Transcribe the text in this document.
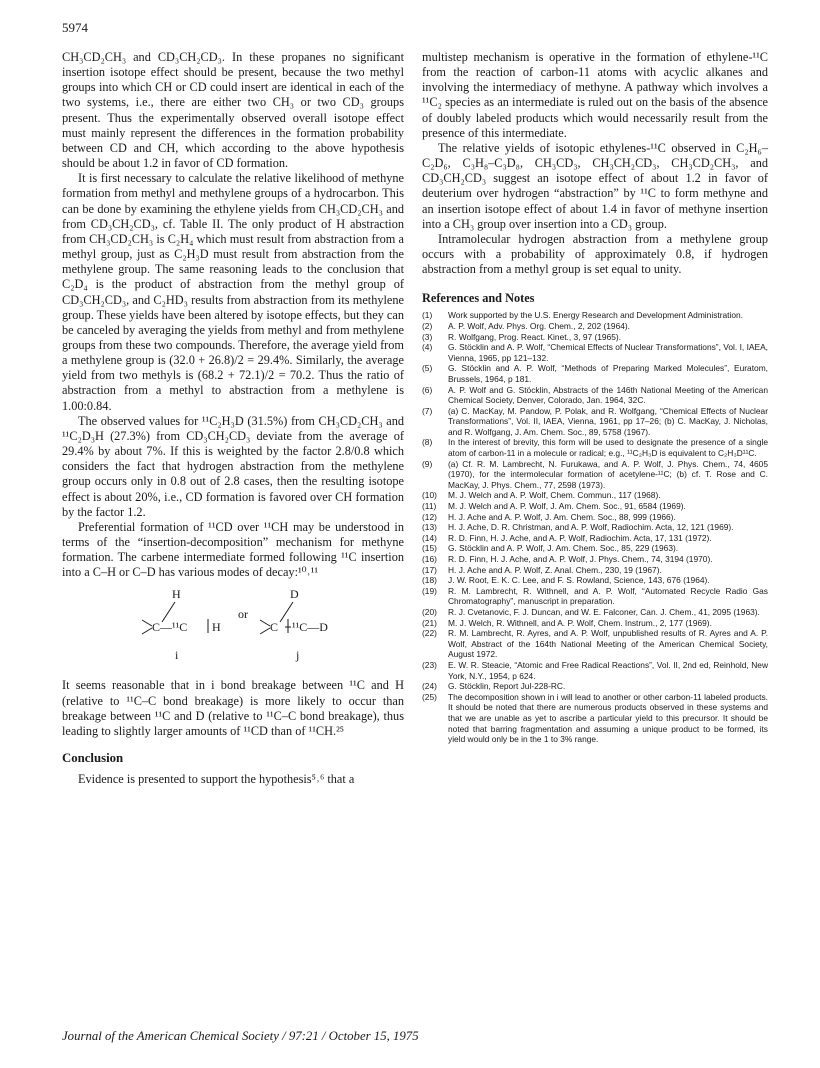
5974

CH₃CD₂CH₃ and CD₃CH₂CD₃. In these propanes no significant insertion isotope effect should be present, because the two methyl groups into which CH or CD could insert are identical in each of the two systems, i.e., there are either two CH₃ or two CD₃ groups present. Thus the experimentally observed overall isotope effect must mainly represent the differences in the formation probability between CD and CH, which according to the above hypothesis should be about 1.2 in favor of CD formation.

It is first necessary to calculate the relative likelihood of methyne formation from methyl and methylene groups of a hydrocarbon. This can be done by examining the ethylene yields from CH₃CD₂CH₃ and from CD₃CH₂CD₃, cf. Table II. The only product of H abstraction from CH₃CD₂CH₃ is C₂H₄ which must result from abstraction from a methyl group, just as C₂H₃D must result from abstraction from the methylene group. The same reasoning leads to the conclusion that C₂D₄ is the product of abstraction from the methyl group of CD₃CH₂CD₃, and C₂HD₃ results from abstraction from its methylene group. These yields have been altered by isotope effects, but they can be canceled by averaging the yields from methyl and from methylene groups from these two compounds. Therefore, the average yield from a methylene group is (32.0 + 26.8)/2 = 29.4%. Similarly, the average yield from two methyls is (68.2 + 72.1)/2 = 70.2. Thus the ratio of abstraction from a methyl to abstraction from a methylene is 1.00:0.84.

The observed values for ¹¹C₂H₃D (31.5%) from CH₃CD₂CH₃ and ¹¹C₂D₃H (27.3%) from CD₃CH₂CD₃ deviate from the average of 29.4% by about 7%. If this is weighted by the factor 2.8/0.8 which considers the fact that hydrogen abstraction from the methylene group occurs only in 0.8 out of 2.8 cases, then the resulting isotope effect is about 20%, i.e., CD formation is favored over CH formation by the factor 1.2.

Preferential formation of ¹¹CD over ¹¹CH may be understood in terms of the “insertion-decomposition” mechanism for methyne formation. The carbene intermediate formed following ¹¹C insertion into a C–H or C–D has various modes of decay:¹⁰˒¹¹

H
C—¹¹C H
i
or
D
C ¹¹C—D
j

It seems reasonable that in i bond breakage between ¹¹C and H (relative to ¹¹C–C bond breakage) is more likely to occur than breakage between ¹¹C and D (relative to ¹¹C–C bond breakage), thus leading to slightly larger amounts of ¹¹CD than of ¹¹CH.²⁵

Conclusion

Evidence is presented to support the hypothesis⁵˒⁶ that a

multistep mechanism is operative in the formation of ethylene-¹¹C from the reaction of carbon-11 atoms with acyclic alkanes and involving the intermediacy of methyne. A pathway which involves a ¹¹C₂ species as an intermediate is ruled out on the basis of the absence of doubly labeled products which would necessarily result from the presence of this intermediate.

The relative yields of isotopic ethylenes-¹¹C observed in C₂H₆–C₂D₆, C₃H₈–C₃D₈, CH₃CD₃, CH₃CH₂CD₃, CH₃CD₂CH₃, and CD₃CH₂CD₃ suggest an isotope effect of about 1.2 in favor of deuterium over hydrogen “abstraction” by ¹¹C to form methyne and an insertion isotope effect of about 1.4 in favor of methyne insertion into a CH₃ group over insertion into a CD₃ group.

Intramolecular hydrogen abstraction from a methylene group occurs with a probability of approximately 0.8, if hydrogen abstraction from a methyl group is set equal to unity.

References and Notes
(1) Work supported by the U.S. Energy Research and Development Administration.
(2) A. P. Wolf, Adv. Phys. Org. Chem., 2, 202 (1964).
(3) R. Wolfgang, Prog. React. Kinet., 3, 97 (1965).
(4) G. Stöcklin and A. P. Wolf, “Chemical Effects of Nuclear Transformations”, Vol. I, IAEA, Vienna, 1965, pp 121–132.
(5) G. Stöcklin and A. P. Wolf, “Methods of Preparing Marked Molecules”, Euratom, Brussels, 1964, p 181.
(6) A. P. Wolf and G. Stöcklin, Abstracts of the 146th National Meeting of the American Chemical Society, Denver, Colorado, Jan. 1964, 32C.
(7) (a) C. MacKay, M. Pandow, P. Polak, and R. Wolfgang, “Chemical Effects of Nuclear Transformations”, Vol. II, IAEA, Vienna, 1961, pp 17–26; (b) C. MacKay, J. Nicholas, and R. Wolfgang, J. Am. Chem. Soc., 89, 5758 (1967).
(8) In the interest of brevity, this form will be used to designate the presence of a single atom of carbon-11 in a molecule or radical; e.g., ¹¹C₂H₃D is equivalent to C₂H₃D¹¹C.
(9) (a) Cf. R. M. Lambrecht, N. Furukawa, and A. P. Wolf, J. Phys. Chem., 74, 4605 (1970), for the intermolecular formation of acetylene-¹¹C; (b) cf. T. Rose and C. MacKay, J. Phys. Chem., 77, 2598 (1973).
(10) M. J. Welch and A. P. Wolf, Chem. Commun., 117 (1968).
(11) M. J. Welch and A. P. Wolf, J. Am. Chem. Soc., 91, 6584 (1969).
(12) H. J. Ache and A. P. Wolf, J. Am. Chem. Soc., 88, 999 (1966).
(13) H. J. Ache, D. R. Christman, and A. P. Wolf, Radiochim. Acta, 12, 121 (1969).
(14) R. D. Finn, H. J. Ache, and A. P. Wolf, Radiochim. Acta, 17, 131 (1972).
(15) G. Stöcklin and A. P. Wolf, J. Am. Chem. Soc., 85, 229 (1963).
(16) R. D. Finn, H. J. Ache, and A. P. Wolf, J. Phys. Chem., 74, 3194 (1970).
(17) H. J. Ache and A. P. Wolf, Z. Anal. Chem., 230, 19 (1967).
(18) J. W. Root, E. K. C. Lee, and F. S. Rowland, Science, 143, 676 (1964).
(19) R. M. Lambrecht, R. Withnell, and A. P. Wolf, “Automated Recycle Radio Gas Chromatography”, manuscript in preparation.
(20) R. J. Cvetanovic, F. J. Duncan, and W. E. Falconer, Can. J. Chem., 41, 2095 (1963).
(21) M. J. Welch, R. Withnell, and A. P. Wolf, Chem. Instrum., 2, 177 (1969).
(22) R. M. Lambrecht, R. Ayres, and A. P. Wolf, unpublished results of R. Ayres and A. P. Wolf, Abstract of the 164th National Meeting of the American Chemical Society, August 1972.
(23) E. W. R. Steacie, “Atomic and Free Radical Reactions”, Vol. II, 2nd ed, Reinhold, New York, N.Y., 1954, p 624.
(24) G. Stöcklin, Report Jul-228-RC.
(25) The decomposition shown in i will lead to another or other carbon-11 labeled products. It should be noted that there are numerous products observed in these systems and that we are unable as yet to ascribe a particular yield to this precursor. It should be noted that barring fragmentation and assuming a unique product to be formed, its yield would only be in the 1 to 3% range.
Journal of the American Chemical Society / 97:21 / October 15, 1975
